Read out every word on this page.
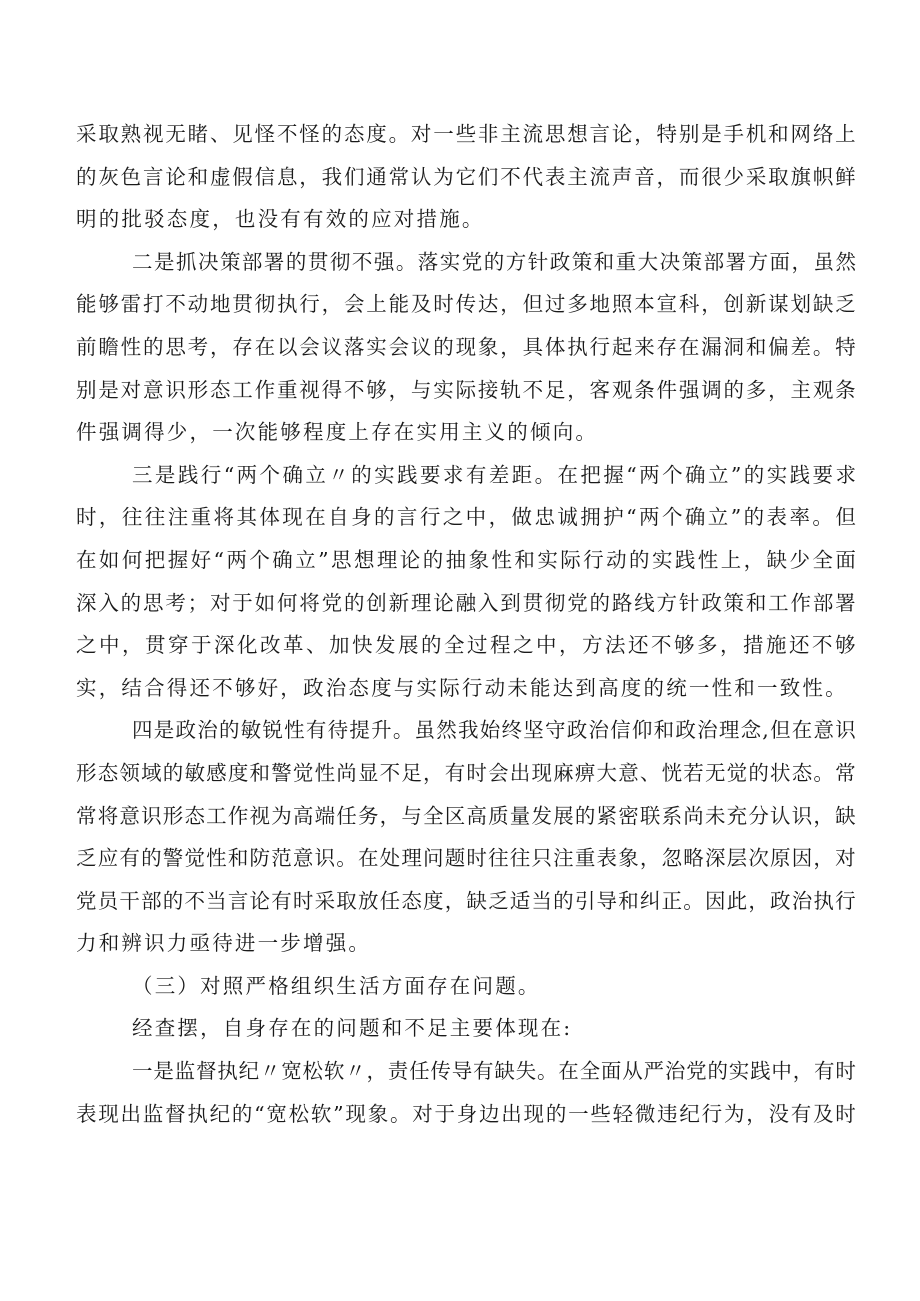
采 取 熟 视 无 睹 、 见 怪 不 怪 的 态 度 。 对 一 些 非 主 流 思 想 言 论 ， 特 别 是 手 机 和 网 络 上
的 灰 色 言 论 和 虚 假 信 息 ， 我 们 通 常 认 为 它 们 不 代 表 主 流 声 音 ， 而 很 少 采 取 旗 帜 鲜
明的批驳态度，也没有有效的应对措施。
二 是 抓 决 策 部 署 的 贯 彻 不 强 。 落 实 党 的 方 针 政 策 和 重 大 决 策 部 署 方 面 ， 虽 然
能 够 雷 打 不 动 地 贯 彻 执 行 ， 会 上 能 及 时 传 达 ， 但 过 多 地 照 本 宣 科 ， 创 新 谋 划 缺 乏
前 瞻 性 的 思 考 ， 存 在 以 会 议 落 实 会 议 的 现 象 ， 具 体 执 行 起 来 存 在 漏 洞 和 偏 差 。 特
别 是 对 意 识 形 态 工 作 重 视 得 不 够 ， 与 实 际 接 轨 不 足 ， 客 观 条 件 强 调 的 多 ， 主 观 条
件强调得少，一次能够程度上存在实用主义的倾向。
三 是 践 行 “ 两 个 确 立 〃 的 实 践 要 求 有 差 距 。 在 把 握 “ 两 个 确 立 ” 的 实 践 要 求
时 ， 往 往 注 重 将 其 体 现 在 自 身 的 言 行 之 中 ， 做 忠 诚 拥 护 “ 两 个 确 立 ” 的 表 率 。 但
在 如 何 把 握 好 “ 两 个 确 立 ” 思 想 理 论 的 抽 象 性 和 实 际 行 动 的 实 践 性 上 ， 缺 少 全 面
深 入 的 思 考 ； 对 于 如 何 将 党 的 创 新 理 论 融 入 到 贯 彻 党 的 路 线 方 针 政 策 和 工 作 部 署
之 中 ， 贯 穿 于 深 化 改 革 、 加 快 发 展 的 全 过 程 之 中 ， 方 法 还 不 够 多 ， 措 施 还 不 够
实，结合得还不够好，政治态度与实际行动未能达到高度的统一性和一致性。
四 是 政 治 的 敏 锐 性 有 待 提 升 。 虽 然 我 始 终 坚 守 政 治 信 仰 和 政 治 理 念 , 但 在 意 识
形 态 领 域 的 敏 感 度 和 警 觉 性 尚 显 不 足 ， 有 时 会 出 现 麻 痹 大 意 、 恍 若 无 觉 的 状 态 。 常
常 将 意 识 形 态 工 作 视 为 高 端 任 务 ， 与 全 区 高 质 量 发 展 的 紧 密 联 系 尚 未 充 分 认 识 ， 缺
乏 应 有 的 警 觉 性 和 防 范 意 识 。 在 处 理 问 题 时 往 往 只 注 重 表 象 ， 忽 略 深 层 次 原 因 ， 对
党 员 干 部 的 不 当 言 论 有 时 采 取 放 任 态 度 ， 缺 乏 适 当 的 引 导 和 纠 正 。 因 此 ， 政 治 执 行
力和辨识力亟待进一步增强。
（三）对照严格组织生活方面存在问题。
经查摆，自身存在的问题和不足主要体现在:
一 是 监 督 执 纪 〃 宽 松 软 〃 ， 责 任 传 导 有 缺 失 。 在 全 面 从 严 治 党 的 实 践 中 ， 有 时
表 现 出 监 督 执 纪 的 “ 宽 松 软 ” 现 象 。 对 于 身 边 出 现 的 一 些 轻 微 违 纪 行 为 ， 没 有 及 时
